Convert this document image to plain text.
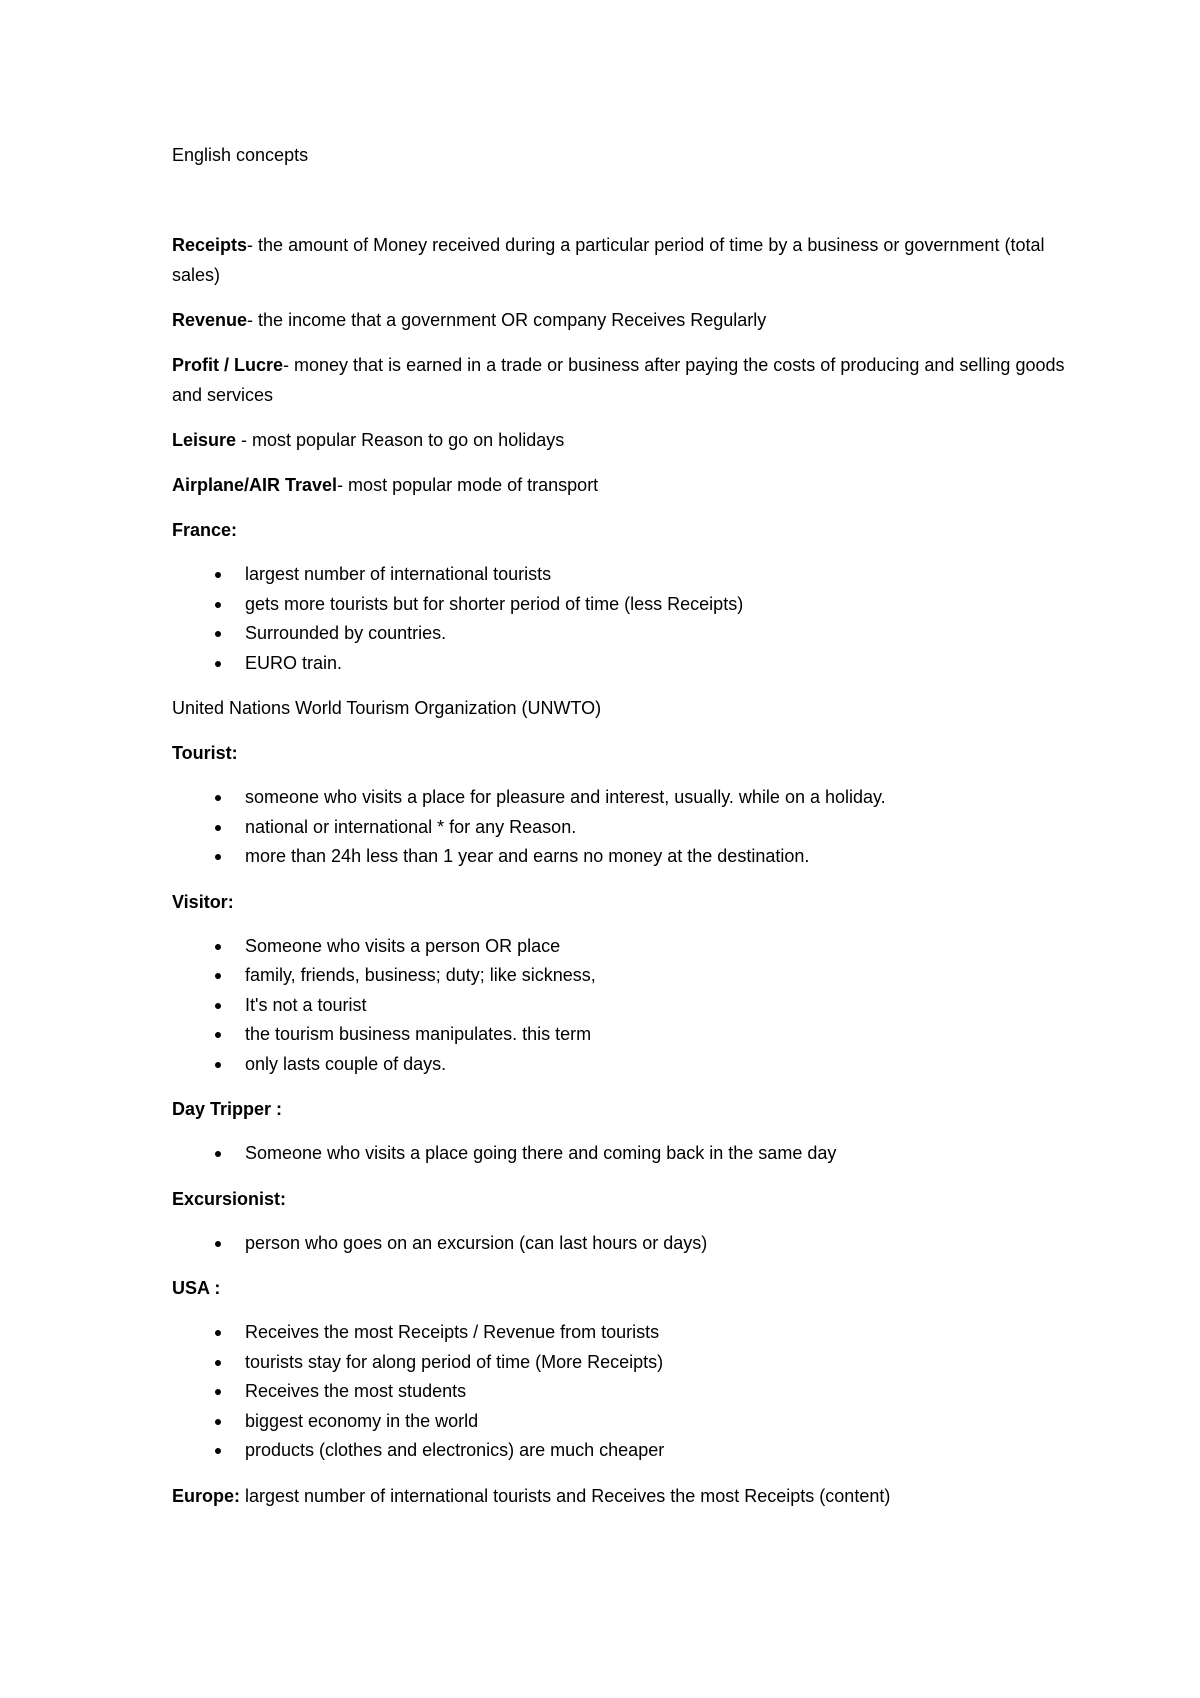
English concepts
Receipts- the amount of Money received during a particular period of time by a business or government (total sales)
Revenue- the income that a government OR company Receives Regularly
Profit / Lucre- money that is earned in a trade or business after paying the costs of producing and selling goods and services
Leisure - most popular Reason to go on holidays
Airplane/AIR Travel- most popular mode of transport
France:
largest number of international tourists
gets more tourists but for shorter period of time (less Receipts)
Surrounded by countries.
EURO train.
United Nations World Tourism Organization (UNWTO)
Tourist:
someone who visits a place for pleasure and interest, usually. while on a holiday.
national or international * for any Reason.
more than 24h less than 1 year and earns no money at the destination.
Visitor:
Someone who visits a person OR place
family, friends, business; duty; like sickness,
It's not a tourist
the tourism business manipulates. this term
only lasts couple of days.
Day Tripper :
Someone who visits a place going there and coming back in the same day
Excursionist:
person who goes on an excursion (can last hours or days)
USA :
Receives the most Receipts / Revenue from tourists
tourists stay for along period of time (More Receipts)
Receives the most students
biggest economy in the world
products (clothes and electronics) are much cheaper
Europe: largest number of international tourists and Receives the most Receipts (content)
